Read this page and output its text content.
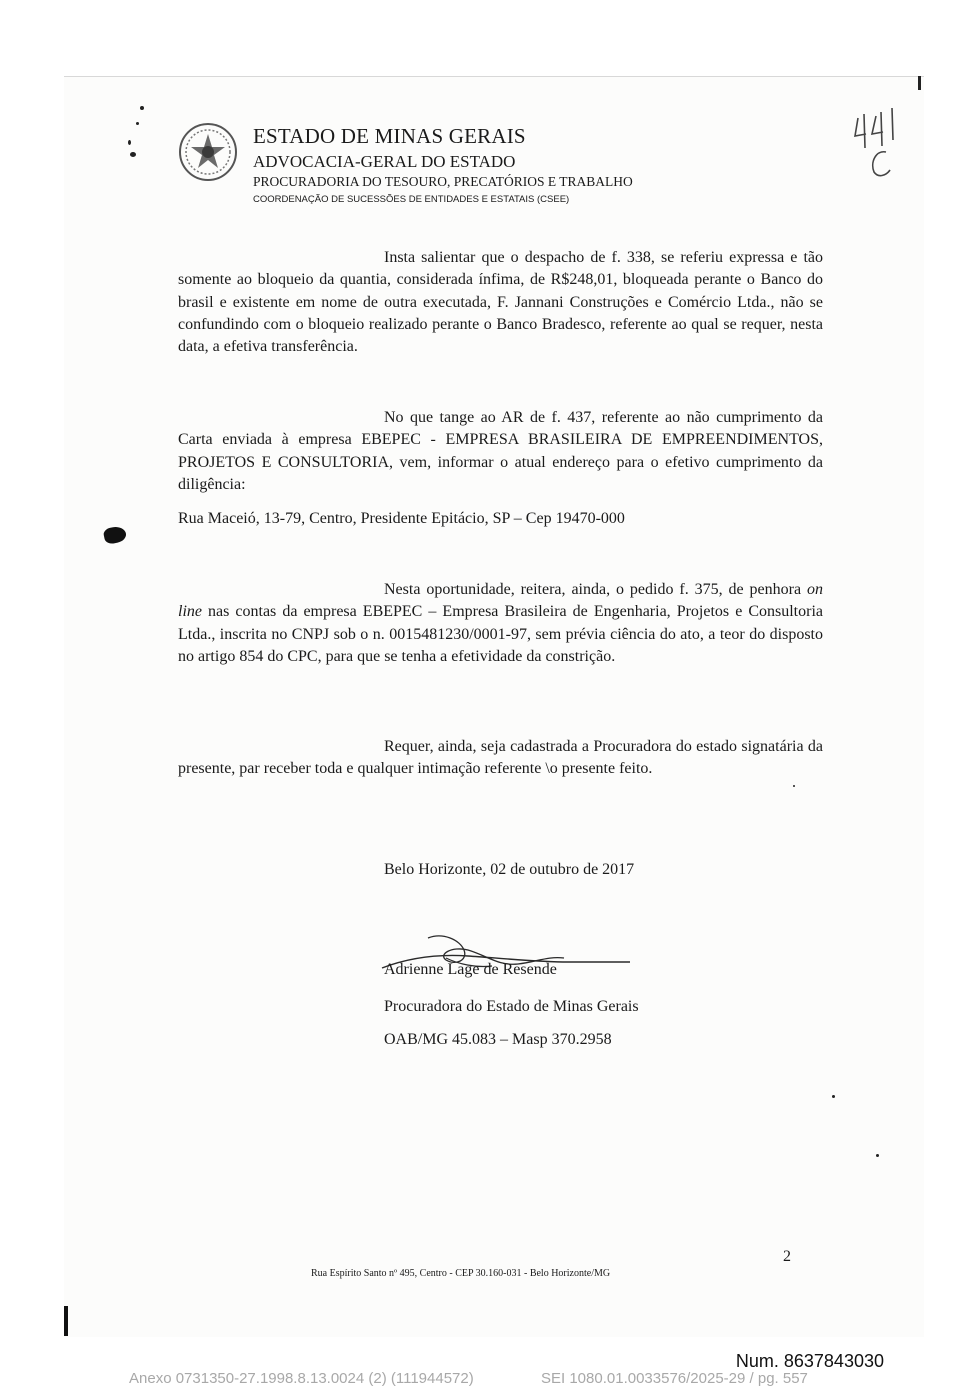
ESTADO DE MINAS GERAIS
ADVOCACIA-GERAL DO ESTADO
PROCURADORIA DO TESOURO, PRECATÓRIOS E TRABALHO
COORDENAÇÃO DE SUCESSÕES DE ENTIDADES E ESTATAIS (CSEE)
Insta salientar que o despacho de f. 338, se referiu expressa e tão somente ao bloqueio da quantia, considerada ínfima, de R$248,01, bloqueada perante o Banco do brasil e existente em nome de outra executada, F. Jannani Construções e Comércio Ltda., não se confundindo com o bloqueio realizado perante o Banco Bradesco, referente ao qual se requer, nesta data, a efetiva transferência.
No que tange ao AR de f. 437, referente ao não cumprimento da Carta enviada à empresa EBEPEC - EMPRESA BRASILEIRA DE EMPREENDIMENTOS, PROJETOS E CONSULTORIA, vem, informar o atual endereço para o efetivo cumprimento da diligência:
Rua Maceió, 13-79, Centro, Presidente Epitácio, SP – Cep 19470-000
Nesta oportunidade, reitera, ainda, o pedido f. 375, de penhora on line nas contas da empresa EBEPEC – Empresa Brasileira de Engenharia, Projetos e Consultoria Ltda., inscrita no CNPJ sob o n. 0015481230/0001-97, sem prévia ciência do ato, a teor do disposto no artigo 854 do CPC, para que se tenha a efetividade da constrição.
Requer, ainda, seja cadastrada a Procuradora do estado signatária da presente, par receber toda e qualquer intimação referente \o presente feito.
Belo Horizonte, 02 de outubro de 2017
Adrienne Lage de Resende
Procuradora do Estado de Minas Gerais
OAB/MG 45.083 – Masp 370.2958
2
Rua Espírito Santo nº 495, Centro - CEP 30.160-031 - Belo Horizonte/MG
Num. 8637843030
Anexo 0731350-27.1998.8.13.0024 (2) (111944572)	SEI 1080.01.0033576/2025-29 / pg. 557
